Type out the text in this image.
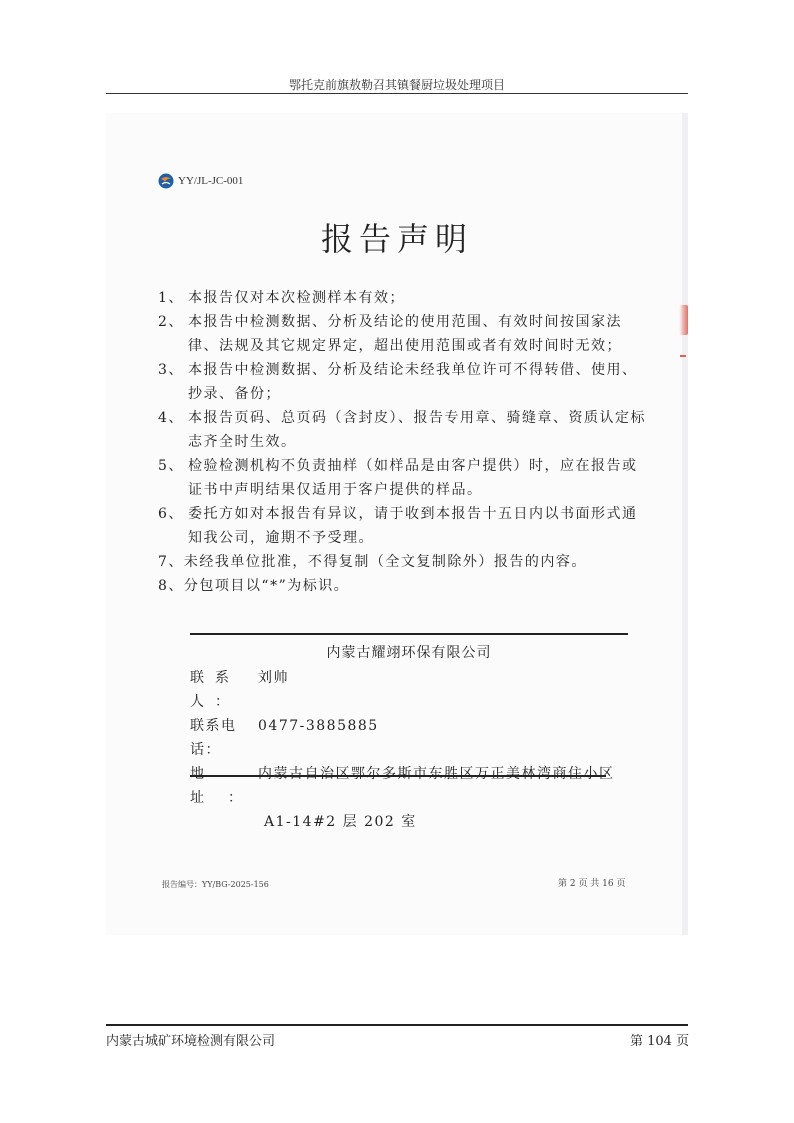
鄂托克前旗敖勒召其镇餐厨垃圾处理项目
YY/JL-JC-001
报告声明
1、 本报告仅对本次检测样本有效；
2、 本报告中检测数据、分析及结论的使用范围、有效时间按国家法律、法规及其它规定界定，超出使用范围或者有效时间时无效；
3、 本报告中检测数据、分析及结论未经我单位许可不得转借、使用、抄录、备份；
4、 本报告页码、总页码（含封皮）、报告专用章、骑缝章、资质认定标志齐全时生效。
5、 检验检测机构不负责抽样（如样品是由客户提供）时，应在报告或证书中声明结果仅适用于客户提供的样品。
6、 委托方如对本报告有异议，请于收到本报告十五日内以书面形式通知我公司，逾期不予受理。
7、 未经我单位批准，不得复制（全文复制除外）报告的内容。
8、 分包项目以“*”为标识。
内蒙古耀翊环保有限公司
联系人：
刘帅
联系电话：
0477-3885885
地址：
内蒙古自治区鄂尔多斯市东胜区万正美林湾商住小区
A1-14#2 层 202 室
报告编号：YY/BG-2025-156	第 2 页 共 16 页
内蒙古城矿环境检测有限公司	第 104 页
